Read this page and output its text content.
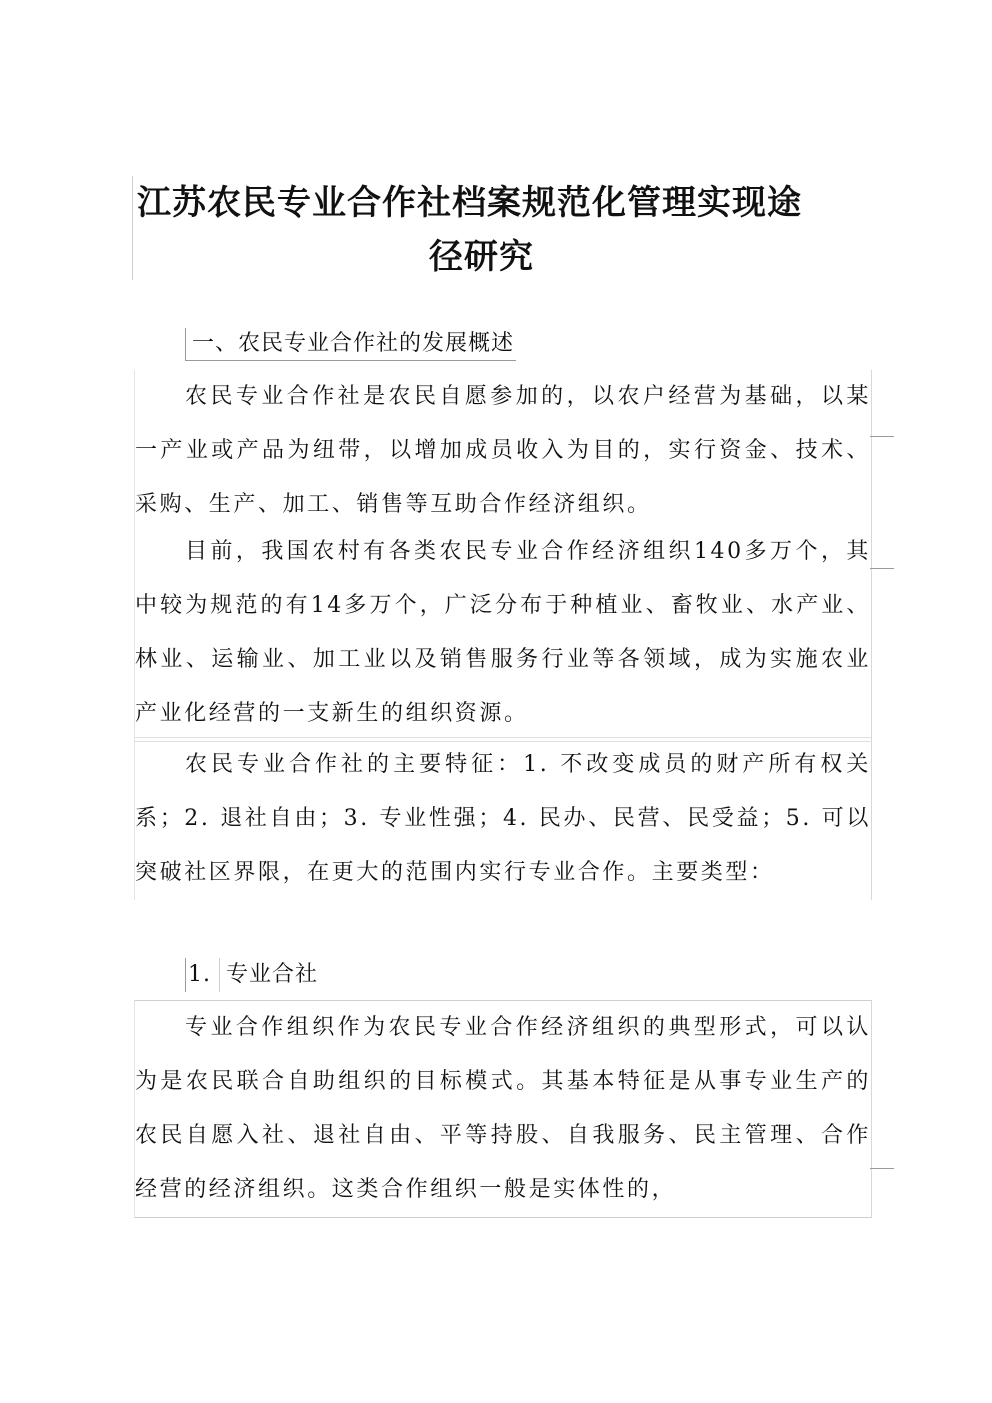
江苏农民专业合作社档案规范化管理实现途
径研究
一、农民专业合作社的发展概述
农民专业合作社是农民自愿参加的，以农户经营为基础，以某一产业或产品为纽带，以增加成员收入为目的，实行资金、技术、采购、生产、加工、销售等互助合作经济组织。
目前，我国农村有各类农民专业合作经济组织140多万个，其中较为规范的有14多万个，广泛分布于种植业、畜牧业、水产业、林业、运输业、加工业以及销售服务行业等各领域，成为实施农业产业化经营的一支新生的组织资源。
农民专业合作社的主要特征：1. 不改变成员的财产所有权关系；2. 退社自由；3. 专业性强；4. 民办、民营、民受益；5. 可以突破社区界限，在更大的范围内实行专业合作。主要类型：
1. 专业合社
专业合作组织作为农民专业合作经济组织的典型形式，可以认为是农民联合自助组织的目标模式。其基本特征是从事专业生产的农民自愿入社、退社自由、平等持股、自我服务、民主管理、合作经营的经济组织。这类合作组织一般是实体性的，
